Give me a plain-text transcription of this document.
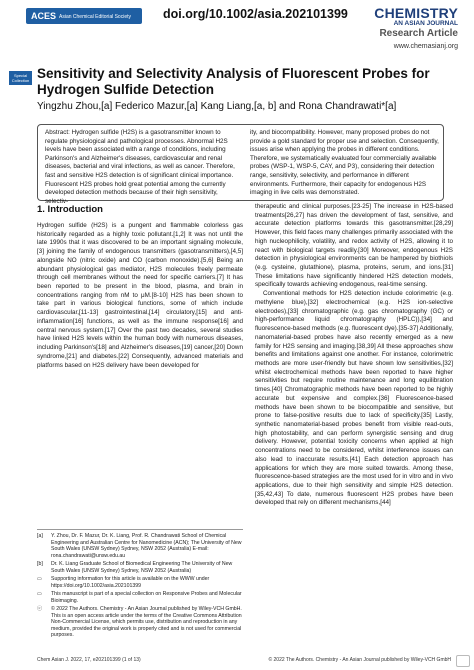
ACES Asian Chemical Editorial Society	doi.org/10.1002/asia.202101399 CHEMISTRY
AN ASIAN JOURNAL
Research Article
www.chemasianj.org
Special Collection Sensitivity and Selectivity Analysis of Fluorescent Probes for Hydrogen Sulfide Detection
Yingzhu Zhou,[a] Federico Mazur,[a] Kang Liang,[a, b] and Rona Chandrawati*[a]

Abstract: Hydrogen sulfide (H2S) is a gasotransmitter known to regulate physiological and pathological processes. Abnormal H2S levels have been associated with a range of conditions, including Parkinson's and Alzheimer's diseases, cardiovascular and renal diseases, bacterial and viral infections, as well as cancer. Therefore, fast and sensitive H2S detection is of significant clinical importance. Fluorescent H2S probes hold great potential among the currently developed detection methods because of their high sensitivity, selectiv-

ity, and biocompatibility. However, many proposed probes do not provide a gold standard for proper use and selection. Consequently, issues arise when applying the probes in different conditions. Therefore, we systematically evaluated four commercially available probes (WSP-1, WSP-5, CAY, and P3), considering their detection range, sensitivity, selectivity, and performance in different environments. Furthermore, their capacity for endogenous H2S imaging in live cells was demonstrated.

1. Introduction

Hydrogen sulfide (H2S) is a pungent and flammable colorless gas historically regarded as a highly toxic pollutant.[1,2] It was not until the late 1990s that it was discovered to be an important signaling molecule,[3] joining the family of endogenous transmitters (gasotransmitters),[4,5] alongside NO (nitric oxide) and CO (carbon monoxide).[5,6] Being an abundant physiological gas mediator, H2S molecules freely permeate through cell membranes without the need for specific carriers.[7] It has been reported to be present in the blood, plasma, and brain in concentrations ranging from nM to μM.[8-10] H2S has been shown to take part in various biological functions, some of which include cardiovascular,[11-13] gastrointestinal,[14] circulatory,[15] and anti-inflammation[16] functions, as well as the immune response[16] and central nervous system.[17] Over the past two decades, several studies have linked H2S levels within the human body with numerous diseases, including Parkinson's[18] and Alzheimer's diseases,[19] cancer,[20] Down syndrome,[21] and diabetes.[22] Consequently, advanced materials and platforms based on H2S delivery have been developed for

therapeutic and clinical purposes.[23-25] The increase in H2S-based treatments[26,27] has driven the development of fast, sensitive, and accurate detection platforms towards this gasotransmitter.[28,29] However, this field faces many challenges primarily associated with the high nucleophilicity, volatility, and redox activity of H2S, allowing it to react with biological targets readily.[30] Moreover, endogenous H2S detection in physiological environments can be hampered by biothiols (e.g. cysteine, glutathione), plasma, proteins, serum, and ions.[31] These limitations have significantly hindered H2S detection models, specifically towards achieving endogenous, real-time sensing.

Conventional methods for H2S detection include colorimetric (e.g. methylene blue),[32] electrochemical (e.g. H2S ion-selective electrodes),[33] chromatographic (e.g. gas chromatography (GC) or high-performance liquid chromatography (HPLC)),[34] and fluorescence-based methods (e.g. fluorescent dye).[35-37] Additionally, nanomaterial-based probes have also recently emerged as a new family for H2S sensing and imaging.[38,39] All these approaches show benefits and limitations against one another. For instance, colorimetric methods are more user-friendly but have shown low sensitivities,[32] whilst electrochemical methods have been reported to have higher sensitivities but require routine maintenance and long equilibration times.[40] Chromatographic methods have been reported to be highly accurate but expensive and complex.[36] Fluorescence-based methods have been shown to be biocompatible and sensitive, but prone to false-positive results due to lack of specificity.[35] Lastly, synthetic nanomaterial-based probes benefit from visible read-outs, high photostability, and can perform synergistic sensing and drug delivery. However, potential toxicity concerns when applied at high concentrations need to be considered, whilst interference issues can also lead to inaccurate results.[41] Each detection approach has applications for which they are more suited towards. Among these, fluorescence-based strategies are the most used for in vitro and in vivo applications, due to their high sensitivity and simple H2S detection.[35,42,43] To date, numerous fluorescent H2S probes have been developed that rely on different mechanisms,[44]

[a]	Y. Zhou, Dr. F. Mazur, Dr. K. Liang, Prof. R. Chandrawati School of Chemical Engineering and Australian Centre for Nanomedicine (ACN); The University of New South Wales (UNSW Sydney) Sydney, NSW 2052 (Australia) E-mail: rona.chandrawati@unsw.edu.au
[b]	Dr. K. Liang Graduate School of Biomedical Engineering The University of New South Wales (UNSW Sydney) Sydney, NSW 2052 (Australia)
▭	Supporting information for this article is available on the WWW under https://doi.org/10.1002/asia.202101399
▭	This manuscript is part of a special collection on Responsive Probes and Molecular Bioimaging.
ⓒ	© 2022 The Authors. Chemistry - An Asian Journal published by Wiley-VCH GmbH. This is an open access article under the terms of the Creative Commons Attribution Non-Commercial License, which permits use, distribution and reproduction in any medium, provided the original work is properly cited and is not used for commercial purposes.
Chem Asian J. 2022, 17, e202101399 (1 of 13)	© 2022 The Authors. Chemistry - An Asian Journal published by Wiley-VCH GmbH
